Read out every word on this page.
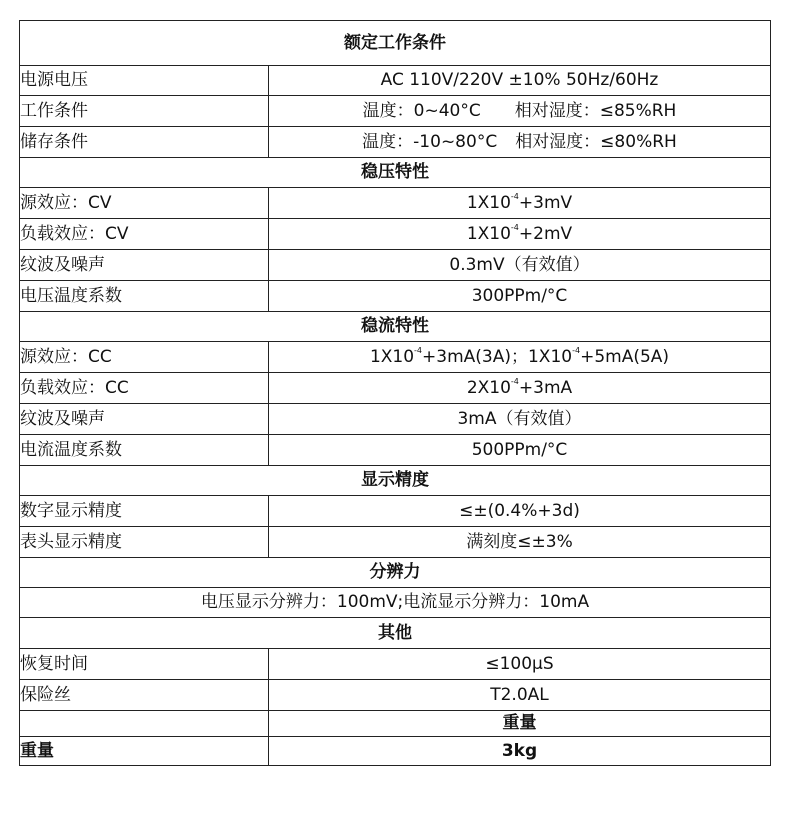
额定工作条件	
电源电压	AC 110V/220V ±10% 50Hz/60Hz
工作条件	温度：0~40°C 相对湿度：≤85%RH
储存条件	温度：-10~80°C 相对湿度：≤80%RH
稳压特性	
源效应：CV	$1X10^{-4}+3mV$
负载效应：CV	$1X10^{-4}+2mV$
纹波及噪声	0.3mV（有效值）
电压温度系数	300PPm/°C
稳流特性	
源效应：CC	$1X10^{-4}+3mA(3A)$；$1X10^{-4}+5mA(5A)$
负载效应：CC	$2X10^{-4}+3mA$
纹波及噪声	3mA（有效值）
电流温度系数	500PPm/°C
显示精度	
数字显示精度	≤±(0.4%+3d)
表头显示精度	满刻度≤±3%
分辨力	
电压显示分辨力：100mV;电流显示分辨力：10mA	
其他	
恢复时间	≤100μS
保险丝	T2.0AL
	重量
重量	3kg
